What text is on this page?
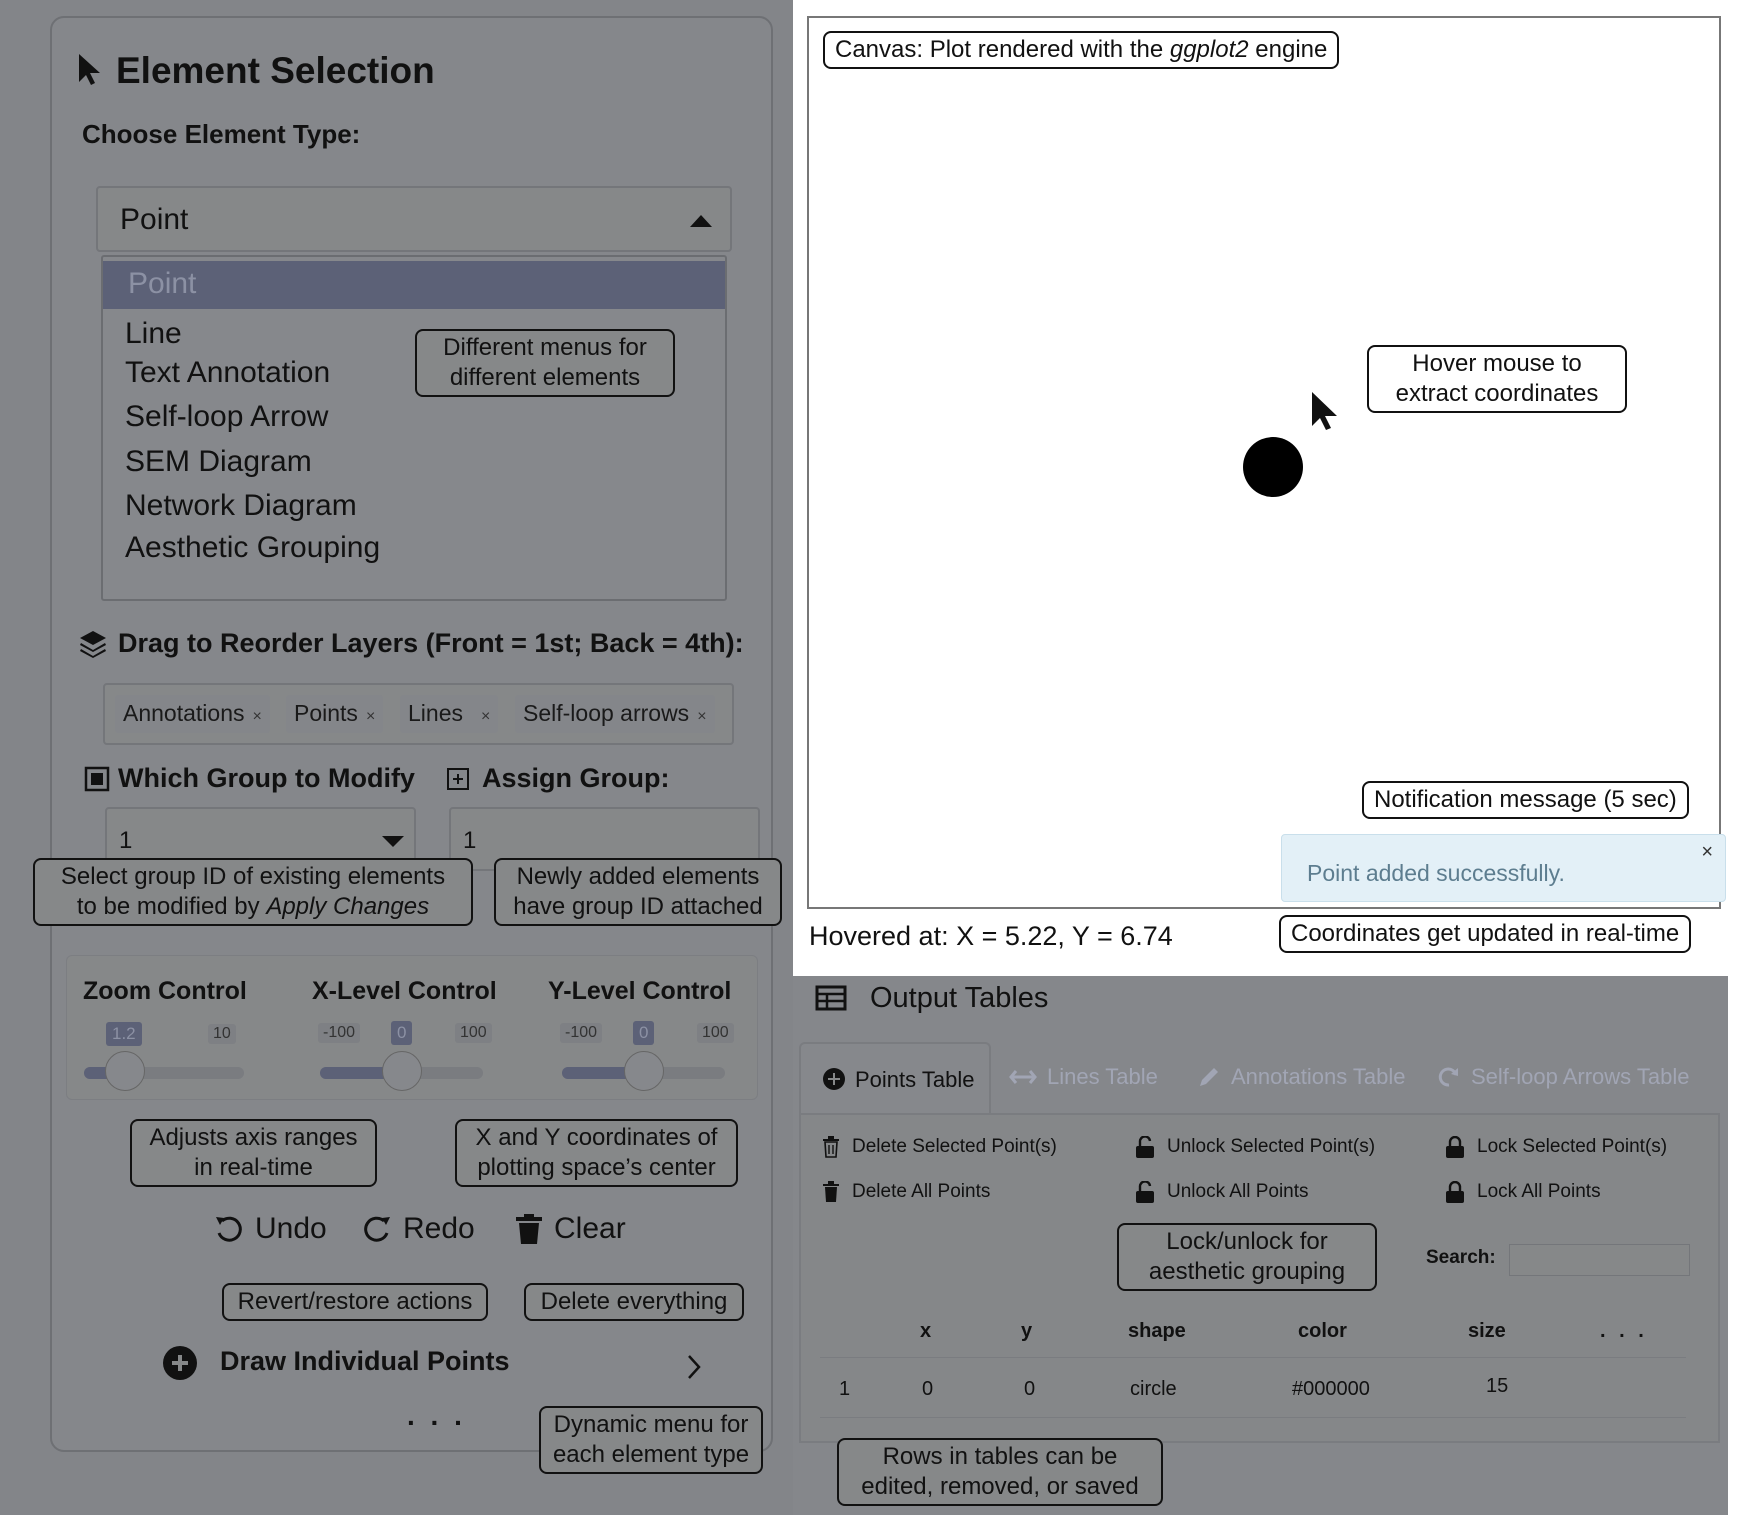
Element Selection
Choose Element Type:
Point
Point
Line
Text Annotation
Self-loop Arrow
SEM Diagram
Network Diagram
Aesthetic Grouping
Different menus for different elements
Drag to Reorder Layers (Front = 1st; Back = 4th):
Annotations ×	Points ×	Lines ×	Self-loop arrows ×
Which Group to Modify Assign Group:
1	1
Select group ID of existing elements
to be modified by Apply Changes
Newly added elements have group ID attached
Zoom Control	X-Level Control Y-Level Control
1.2	10	-100	0	100	-100	0	100
Adjusts axis ranges in real-time
X and Y coordinates of plotting space’s center
Undo	Redo	Clear
Revert/restore actions	Delete everything
Draw Individual Points
. . .	Dynamic menu for each element type
Canvas: Plot rendered with the ggplot2 engine
Hover mouse to extract coordinates
Notification message (5 sec)
Point added successfully.
×
Hovered at: X = 5.22, Y = 6.74	Coordinates get updated in real-time
Output Tables
Points Table	Lines Table	Annotations Table	Self-loop Arrows Table
Delete Selected Point(s)
Delete All Points
Unlock Selected Point(s)
Unlock All Points
Lock Selected Point(s)
Lock All Points
Lock/unlock for aesthetic grouping
Search:
x	y	shape	color	size	. . .
1	0	0	circle	#000000	15
Rows in tables can be edited, removed, or saved
